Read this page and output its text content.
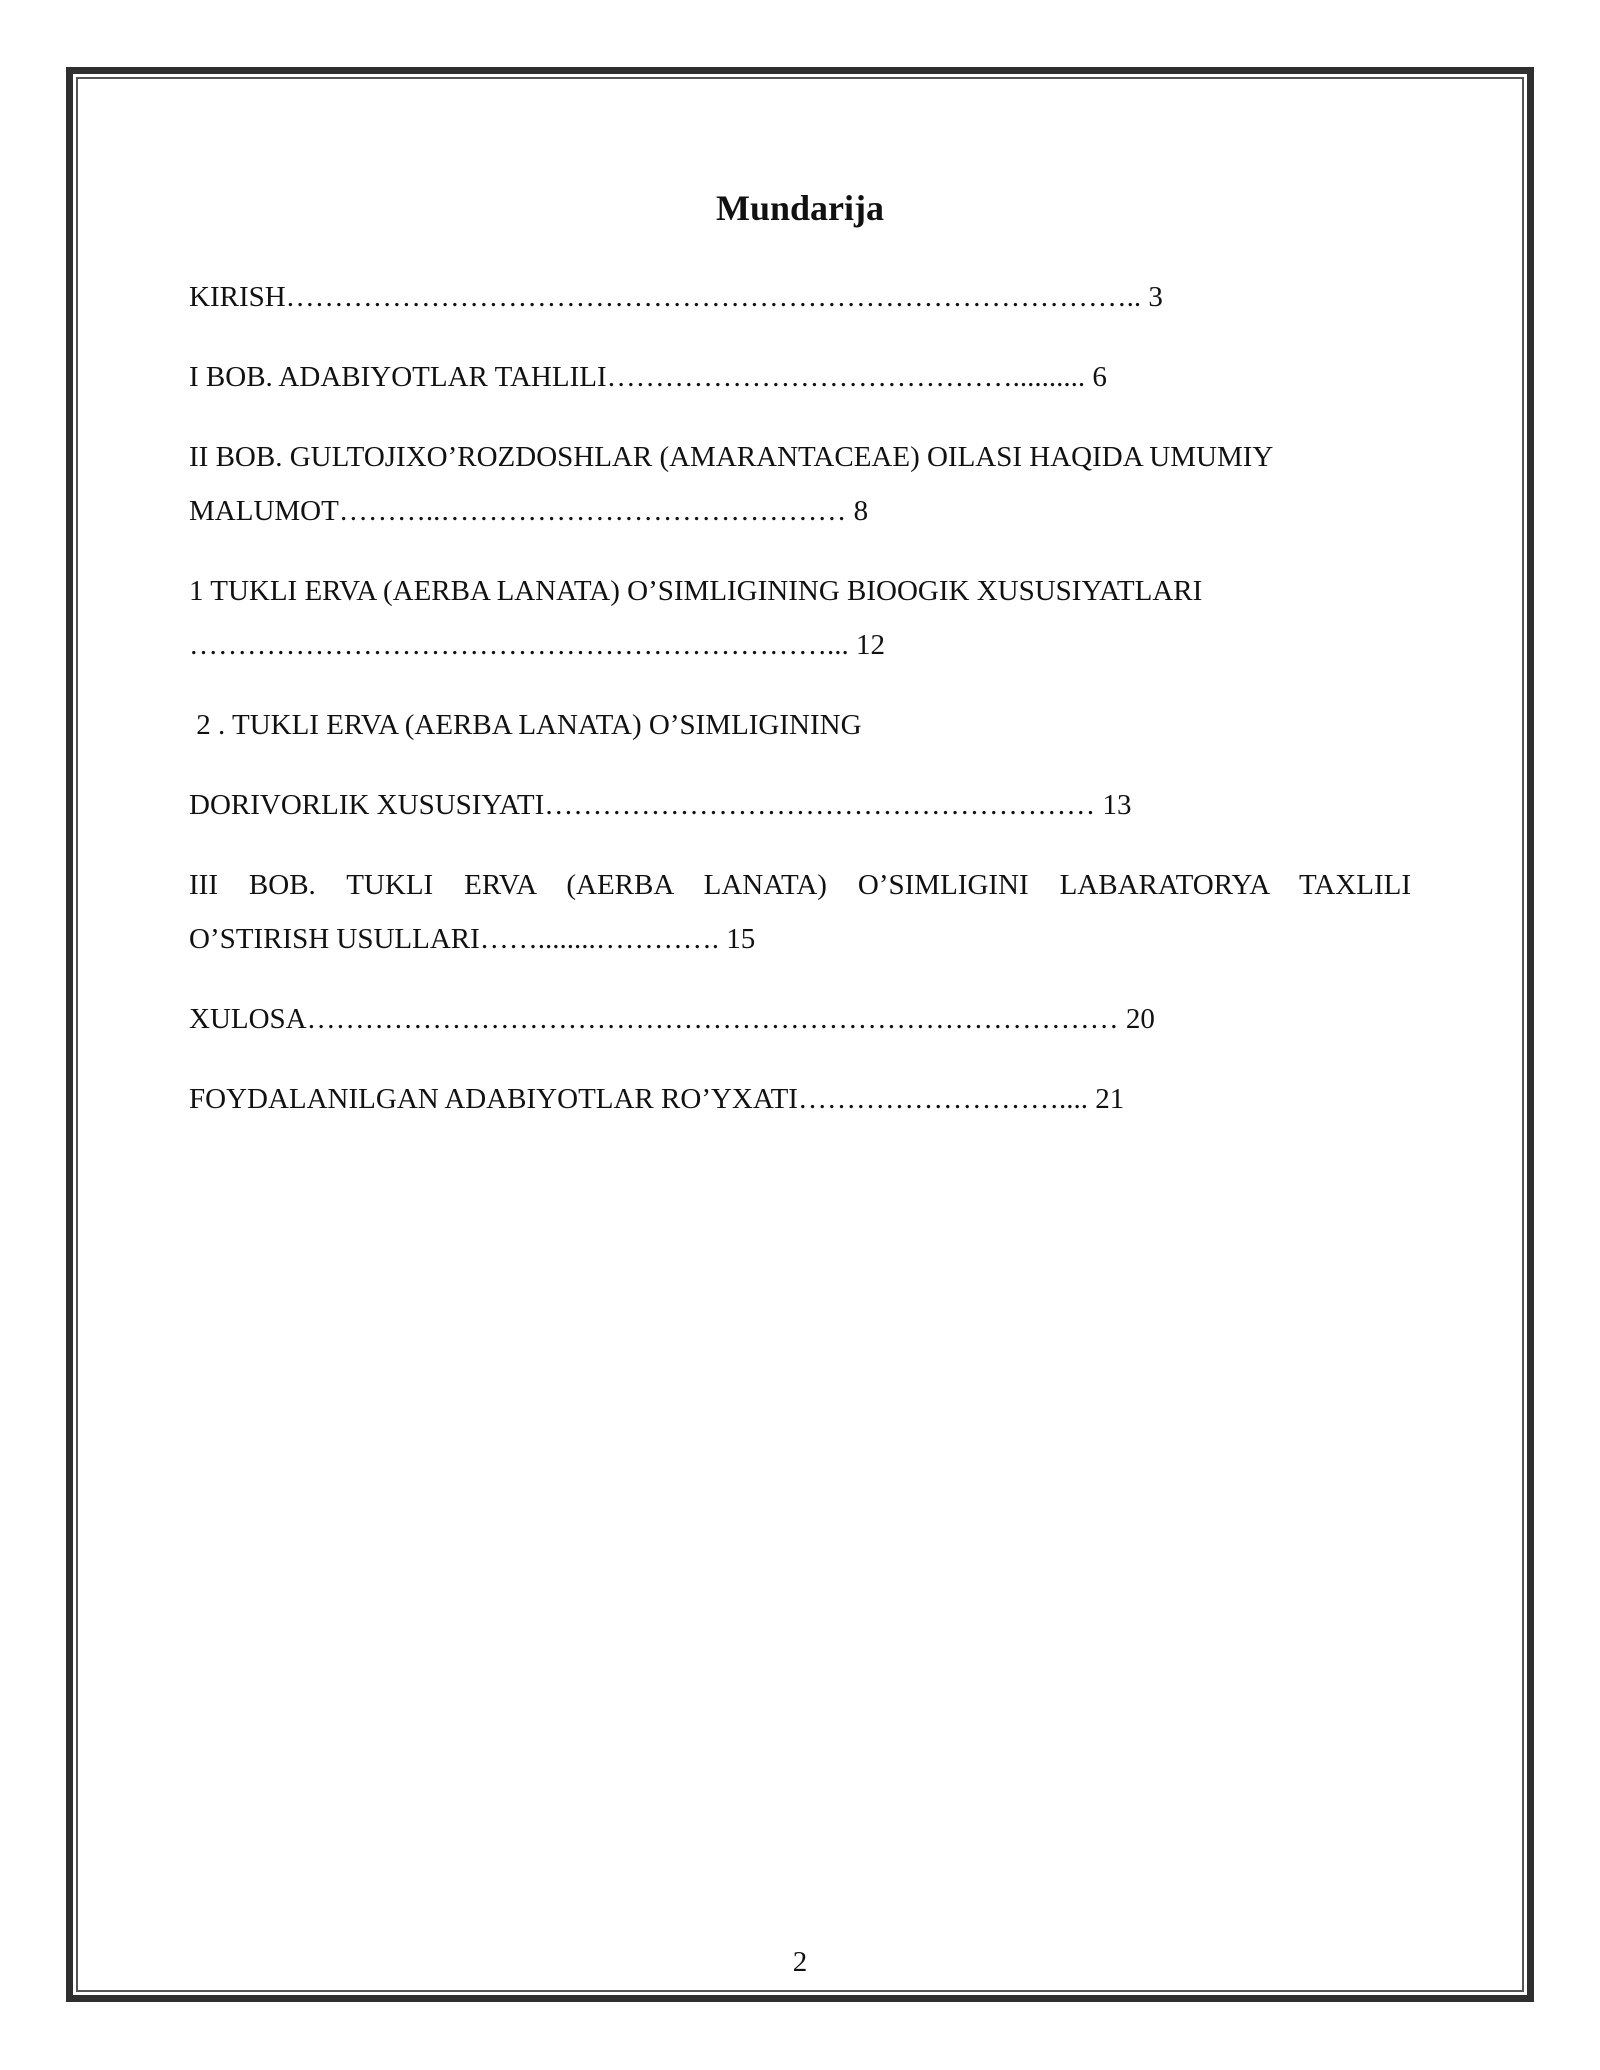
Mundarija

KIRISH…………………………………………………………………………….. 3

I BOB. ADABIYOTLAR TAHLILI…………………………………….......... 6

II BOB. GULTOJIXO’ROZDOSHLAR (AMARANTACEAE) OILASI HAQIDA UMUMIY

MALUMOT………..…………………………………… 8

1 TUKLI ERVA (AERBA LANATA) O’SIMLIGINING BIOOGIK XUSUSIYATLARI

…………………………………………………………... 12

2 . TUKLI ERVA (AERBA LANATA) O’SIMLIGINING

DORIVORLIK XUSUSIYATI………………………………………………… 13

III BOB. TUKLI ERVA (AERBA LANATA) O’SIMLIGINI LABARATORYA TAXLILI

O’STIRISH USULLARI……........…………. 15

XULOSA………………………………………………………………………… 20

FOYDALANILGAN ADABIYOTLAR RO’YXATI……………………….... 21

2
